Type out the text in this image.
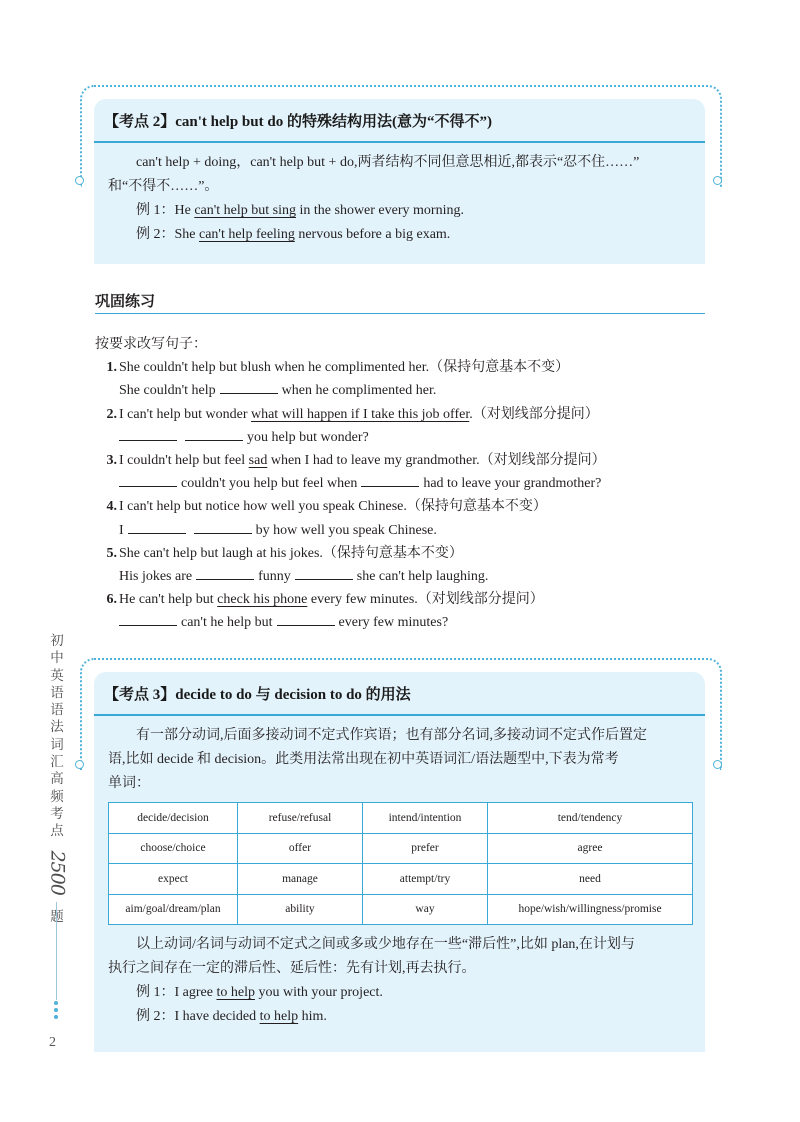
【考点 2】can't help but do 的特殊结构用法(意为“不得不”)
can't help + doing，can't help but + do,两者结构不同但意思相近,都表示“忍不住……”
和“不得不……”。
例 1：He can't help but sing in the shower every morning.
例 2：She can't help feeling nervous before a big exam.
巩固练习
按要求改写句子：
1. She couldn't help but blush when he complimented her.（保持句意基本不变）
She couldn't help	when he complimented her.
2. I can't help but wonder what will happen if I take this job offer.（对划线部分提问）
you help but wonder?
3. I couldn't help but feel sad when I had to leave my grandmother.（对划线部分提问）
couldn't you help but feel when	had to leave your grandmother?
4. I can't help but notice how well you speak Chinese.（保持句意基本不变）
I	by how well you speak Chinese.
5. She can't help but laugh at his jokes.（保持句意基本不变）
His jokes are	funny	she can't help laughing.
6. He can't help but check his phone every few minutes.（对划线部分提问）
can't he help but	every few minutes?
【考点 3】decide to do 与 decision to do 的用法
有一部分动词,后面多接动词不定式作宾语；也有部分名词,多接动词不定式作后置定
语,比如 decide 和 decision。此类用法常出现在初中英语词汇/语法题型中,下表为常考
单词：
decide/decision	refuse/refusal	intend/intention	tend/tendency
choose/choice	offer	prefer	agree
expect	manage	attempt/try	need
aim/goal/dream/plan	ability	way	hope/wish/willingness/promise
以上动词/名词与动词不定式之间或多或少地存在一些“滞后性”,比如 plan,在计划与
执行之间存在一定的滞后性、延后性：先有计划,再去执行。
例 1：I agree to help you with your project.
例 2：I have decided to help him.
初
中
英
语
语
法
词
汇
高
频
考
点
2500
题
2
